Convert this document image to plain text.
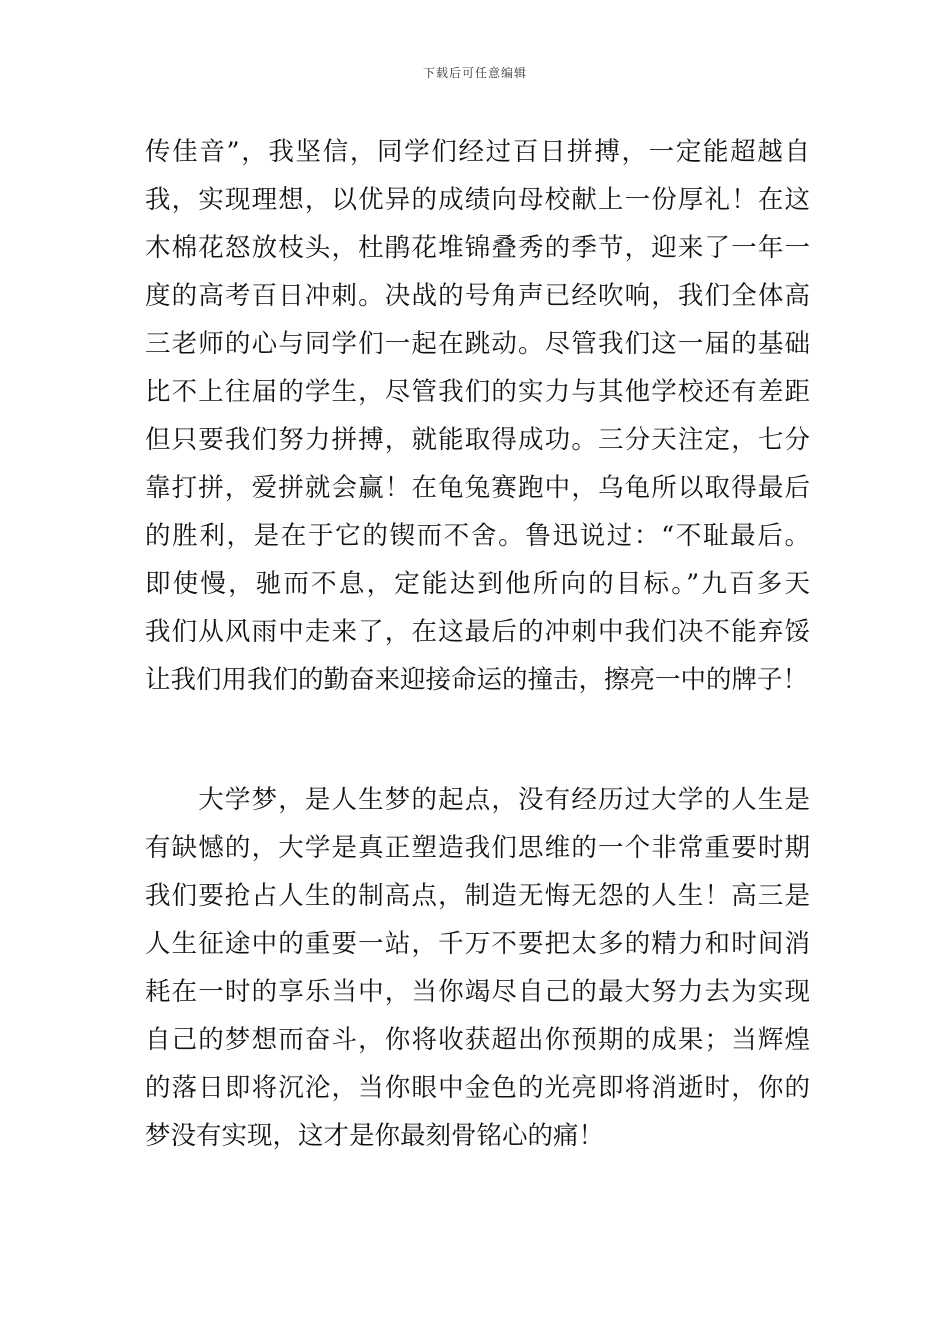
下载后可任意编辑
传佳音”，我坚信，同学们经过百日拼搏，一定能超越自
我，实现理想，以优异的成绩向母校献上一份厚礼！在这
木棉花怒放枝头，杜鹃花堆锦叠秀的季节，迎来了一年一
度的高考百日冲刺。决战的号角声已经吹响，我们全体高
三老师的心与同学们一起在跳动。尽管我们这一届的基础
比不上往届的学生，尽管我们的实力与其他学校还有差距
但只要我们努力拼搏，就能取得成功。三分天注定，七分
靠打拼，爱拼就会赢！在龟兔赛跑中，乌龟所以取得最后
的胜利，是在于它的锲而不舍。鲁迅说过：“不耻最后。
即使慢，驰而不息，定能达到他所向的目标。”九百多天
我们从风雨中走来了，在这最后的冲刺中我们决不能弃馁
让我们用我们的勤奋来迎接命运的撞击，擦亮一中的牌子！
　　大学梦，是人生梦的起点，没有经历过大学的人生是
有缺憾的，大学是真正塑造我们思维的一个非常重要时期
我们要抢占人生的制高点，制造无悔无怨的人生！高三是
人生征途中的重要一站，千万不要把太多的精力和时间消
耗在一时的享乐当中，当你竭尽自己的最大努力去为实现
自己的梦想而奋斗，你将收获超出你预期的成果；当辉煌
的落日即将沉沦，当你眼中金色的光亮即将消逝时，你的
梦没有实现，这才是你最刻骨铭心的痛！
